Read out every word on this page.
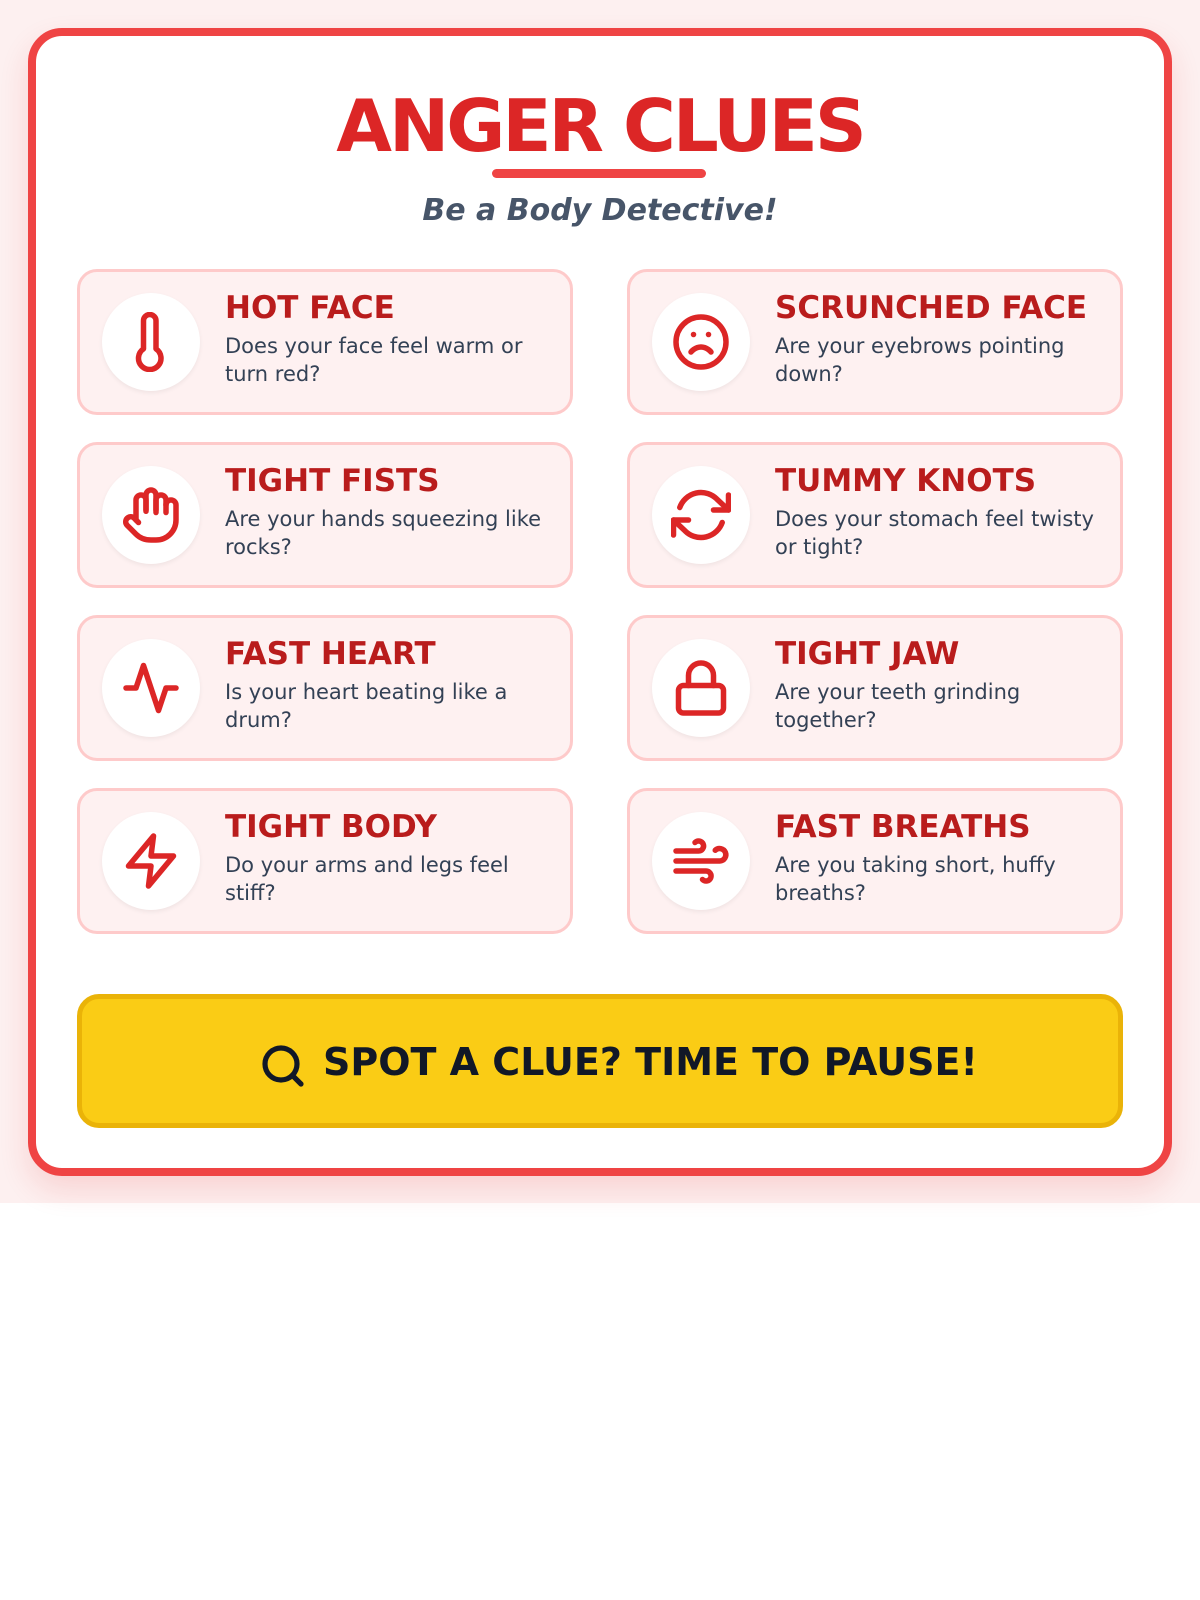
ANGER CLUES

Be a Body Detective!

HOT FACE

Does your face feel warm or turn red?

SCRUNCHED FACE

Are your eyebrows pointing down?

TIGHT FISTS

Are your hands squeezing like rocks?

TUMMY KNOTS

Does your stomach feel twisty or tight?

FAST HEART

Is your heart beating like a drum?

TIGHT JAW

Are your teeth grinding together?

TIGHT BODY

Do your arms and legs feel stiff?

FAST BREATHS

Are you taking short, huffy breaths?

SPOT A CLUE? TIME TO PAUSE!
